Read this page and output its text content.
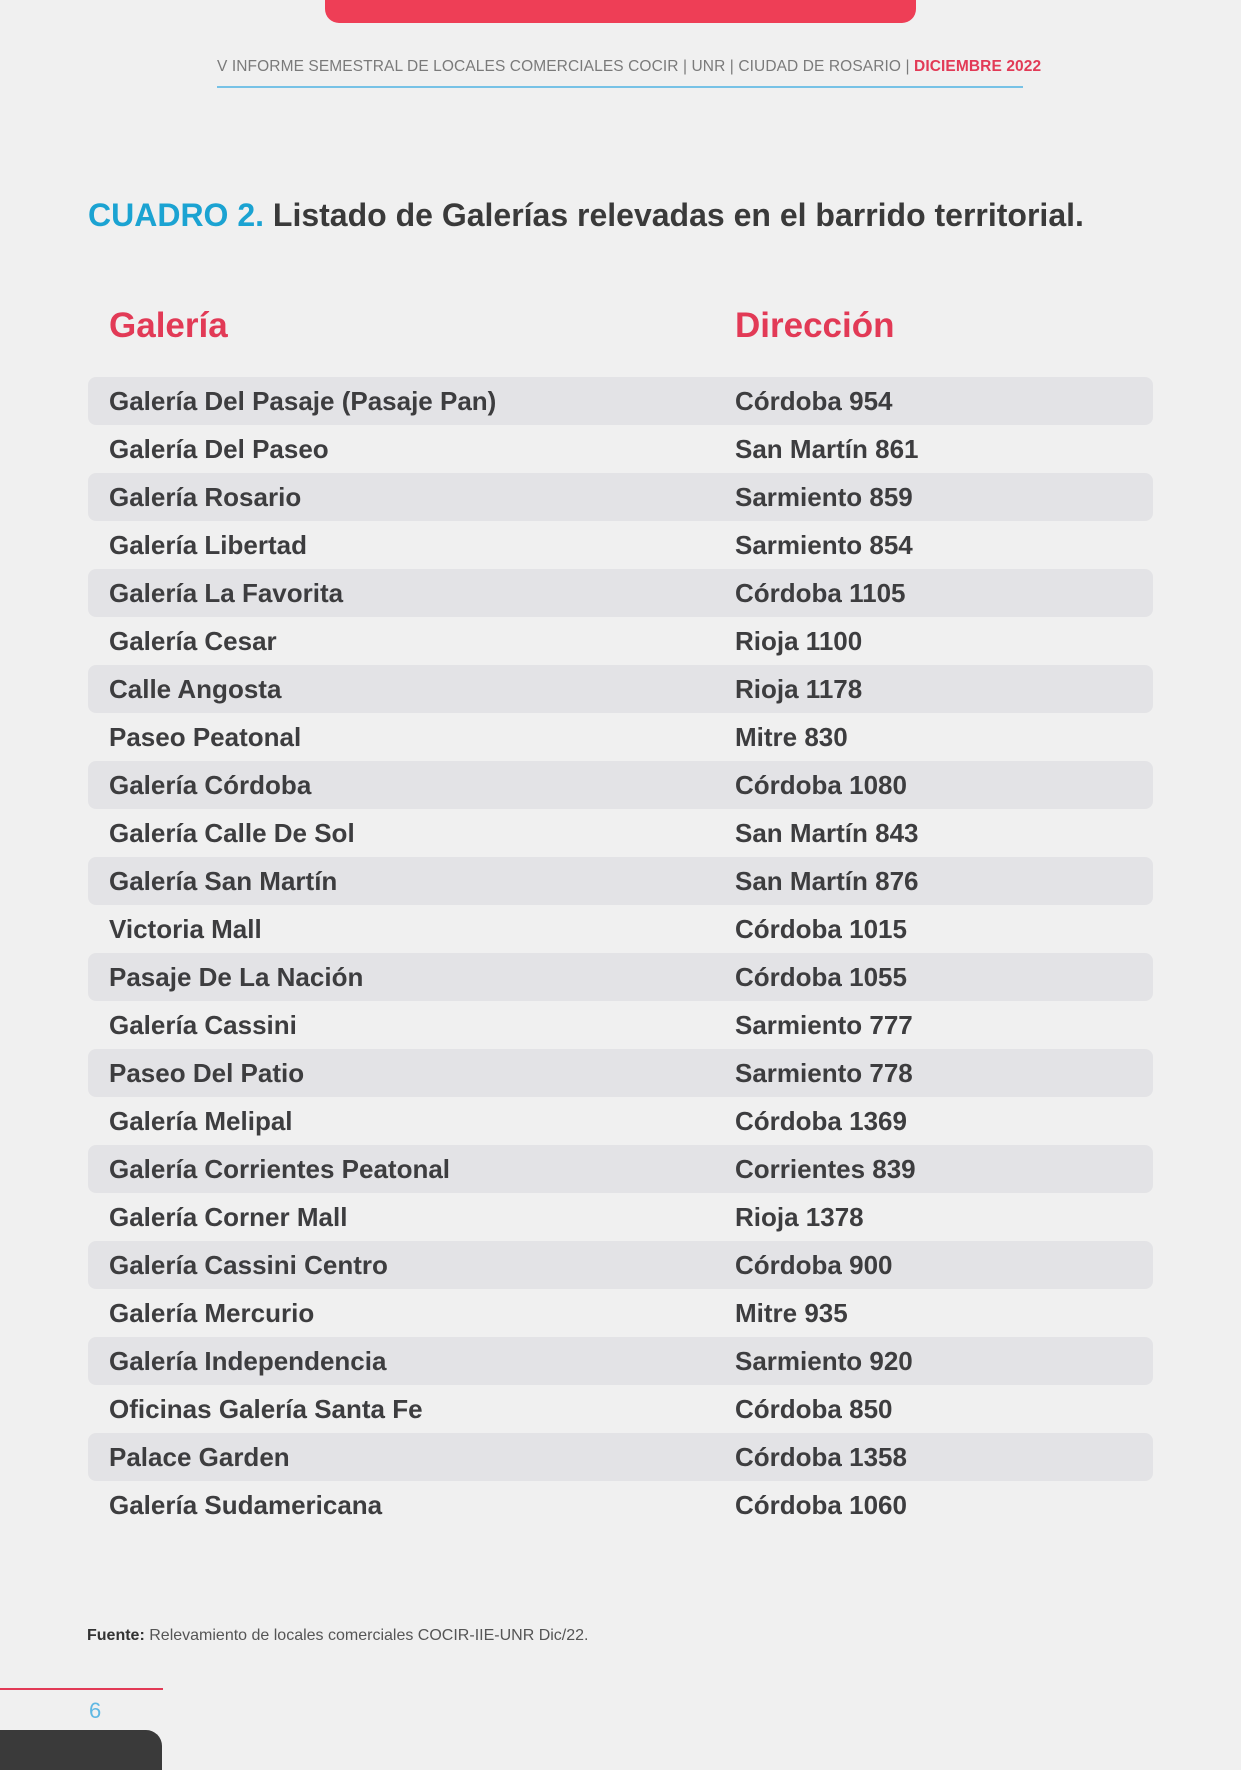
V INFORME SEMESTRAL DE LOCALES COMERCIALES COCIR | UNR | CIUDAD DE ROSARIO | DICIEMBRE 2022
CUADRO 2. Listado de Galerías relevadas en el barrido territorial.
Galería	Dirección
Galería Del Pasaje (Pasaje Pan)	Córdoba 954
Galería Del Paseo	San Martín 861
Galería Rosario	Sarmiento 859
Galería Libertad	Sarmiento 854
Galería La Favorita	Córdoba 1105
Galería Cesar	Rioja 1100
Calle Angosta	Rioja 1178
Paseo Peatonal	Mitre 830
Galería Córdoba	Córdoba 1080
Galería Calle De Sol	San Martín 843
Galería San Martín	San Martín 876
Victoria Mall	Córdoba 1015
Pasaje De La Nación	Córdoba 1055
Galería Cassini	Sarmiento 777
Paseo Del Patio	Sarmiento 778
Galería Melipal	Córdoba 1369
Galería Corrientes Peatonal	Corrientes 839
Galería Corner Mall	Rioja 1378
Galería Cassini Centro	Córdoba 900
Galería Mercurio	Mitre 935
Galería Independencia	Sarmiento 920
Oficinas Galería Santa Fe	Córdoba 850
Palace Garden	Córdoba 1358
Galería Sudamericana	Córdoba 1060
Fuente: Relevamiento de locales comerciales COCIR-IIE-UNR Dic/22.
6
